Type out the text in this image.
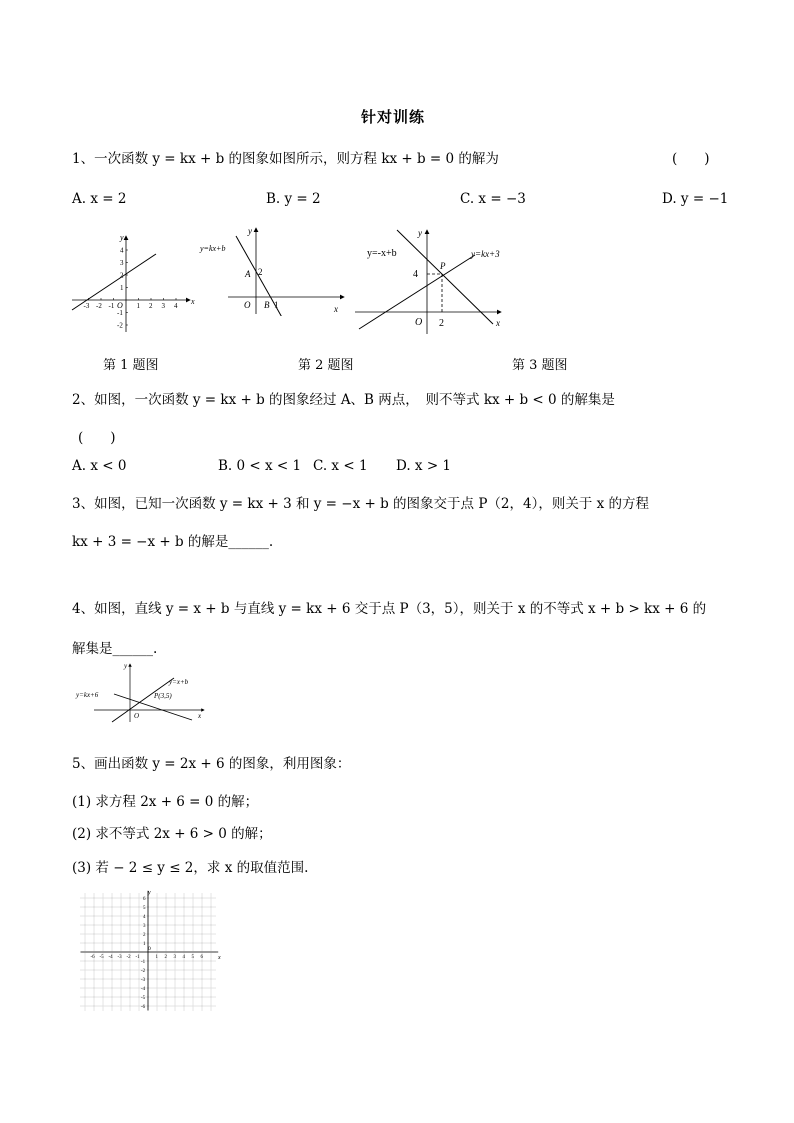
针对训练
1、一次函数 y = kx + b 的图象如图所示，则方程 kx + b = 0 的解为	(　　)
A. x = 2	B. y = 2	C. x = −3	D. y = −1
-3 -2 -1	1 2 3 4
4
3
2
1
-1
-2
x
y
O
y=kx+b
A 2
B 1
O	x
y
y=-x+b	y=kx+3
P
4
2
O	x
y
第 1 题图	第 2 题图	第 3 题图
2、如图，一次函数 y = kx + b 的图象经过 A、B 两点，　则不等式 kx + b < 0 的解集是
(　　)
A. x < 0	B. 0 < x < 1 C. x < 1 D. x > 1
3、如图，已知一次函数 y = kx + 3 和 y = −x + b 的图象交于点 P（2，4），则关于 x 的方程
kx + 3 = −x + b 的解是______.
4、如图，直线 y = x + b 与直线 y = kx + 6 交于点 P（3，5），则关于 x 的不等式 x + b > kx + 6 的
解集是______.
y=kx+6
y=x+b
P(3,5)
O	x
y
5、画出函数 y = 2x + 6 的图象，利用图象：
(1) 求方程 2x + 6 = 0 的解；
(2) 求不等式 2x + 6 > 0 的解；
(3) 若 − 2 ≤ y ≤ 2，求 x 的取值范围.
-6 -5 -4 -3 -2 -1	1 2 3 4 5 6
6
5
4
3
2
1
-1
-2
-3
-4
-5
-6
x
y
0
